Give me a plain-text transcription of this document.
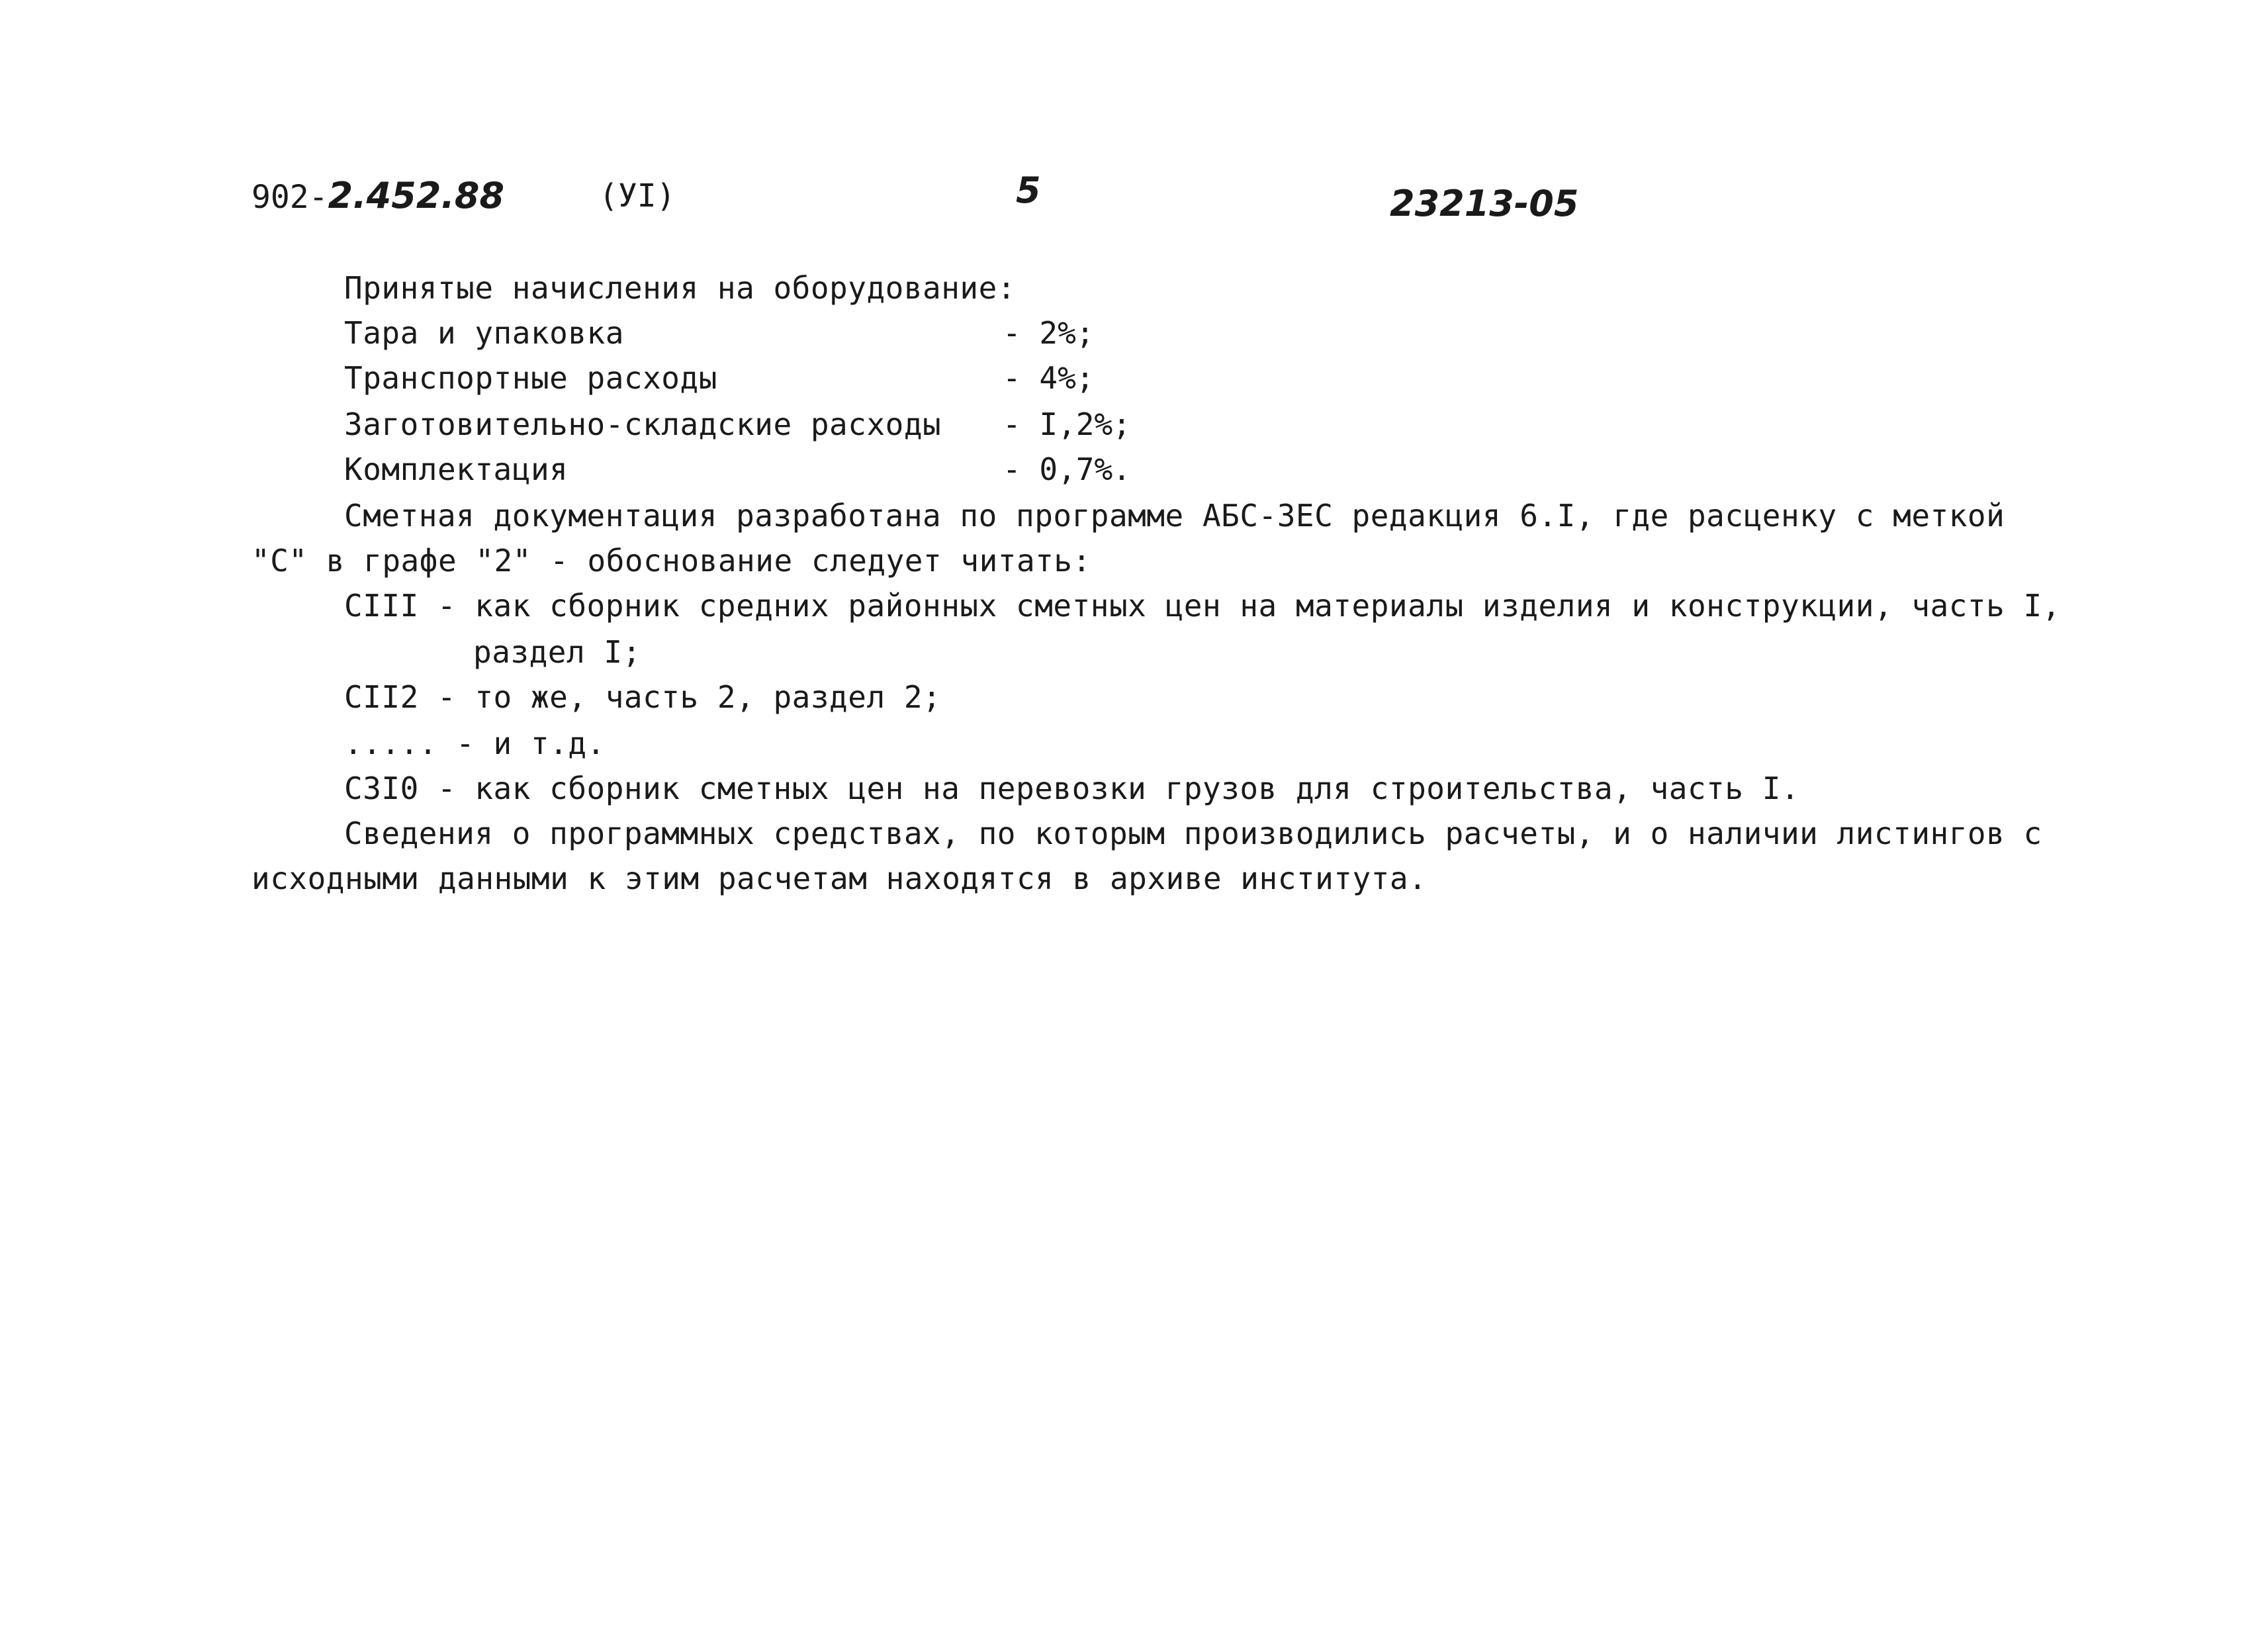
902-2.452.88	(УI)	5	23213-05
Принятые начисления на оборудование:
Тара и упаковка	- 2%;
Транспортные расходы	- 4%;
Заготовительно-складские расходы - I,2%;
Комплектация	- 0,7%.
Сметная документация разработана по программе АБС-ЗЕС редакция 6.I, где расценку с меткой
"С" в графе "2" - обоснование следует читать:
CIII - как сборник средних районных сметных цен на материалы изделия и конструкции, часть I,
раздел I;
CII2 - то же, часть 2, раздел 2;
..... - и т.д.
C3I0 - как сборник сметных цен на перевозки грузов для строительства, часть I.
Сведения о программных средствах, по которым производились расчеты, и о наличии листингов с
исходными данными к этим расчетам находятся в архиве института.
